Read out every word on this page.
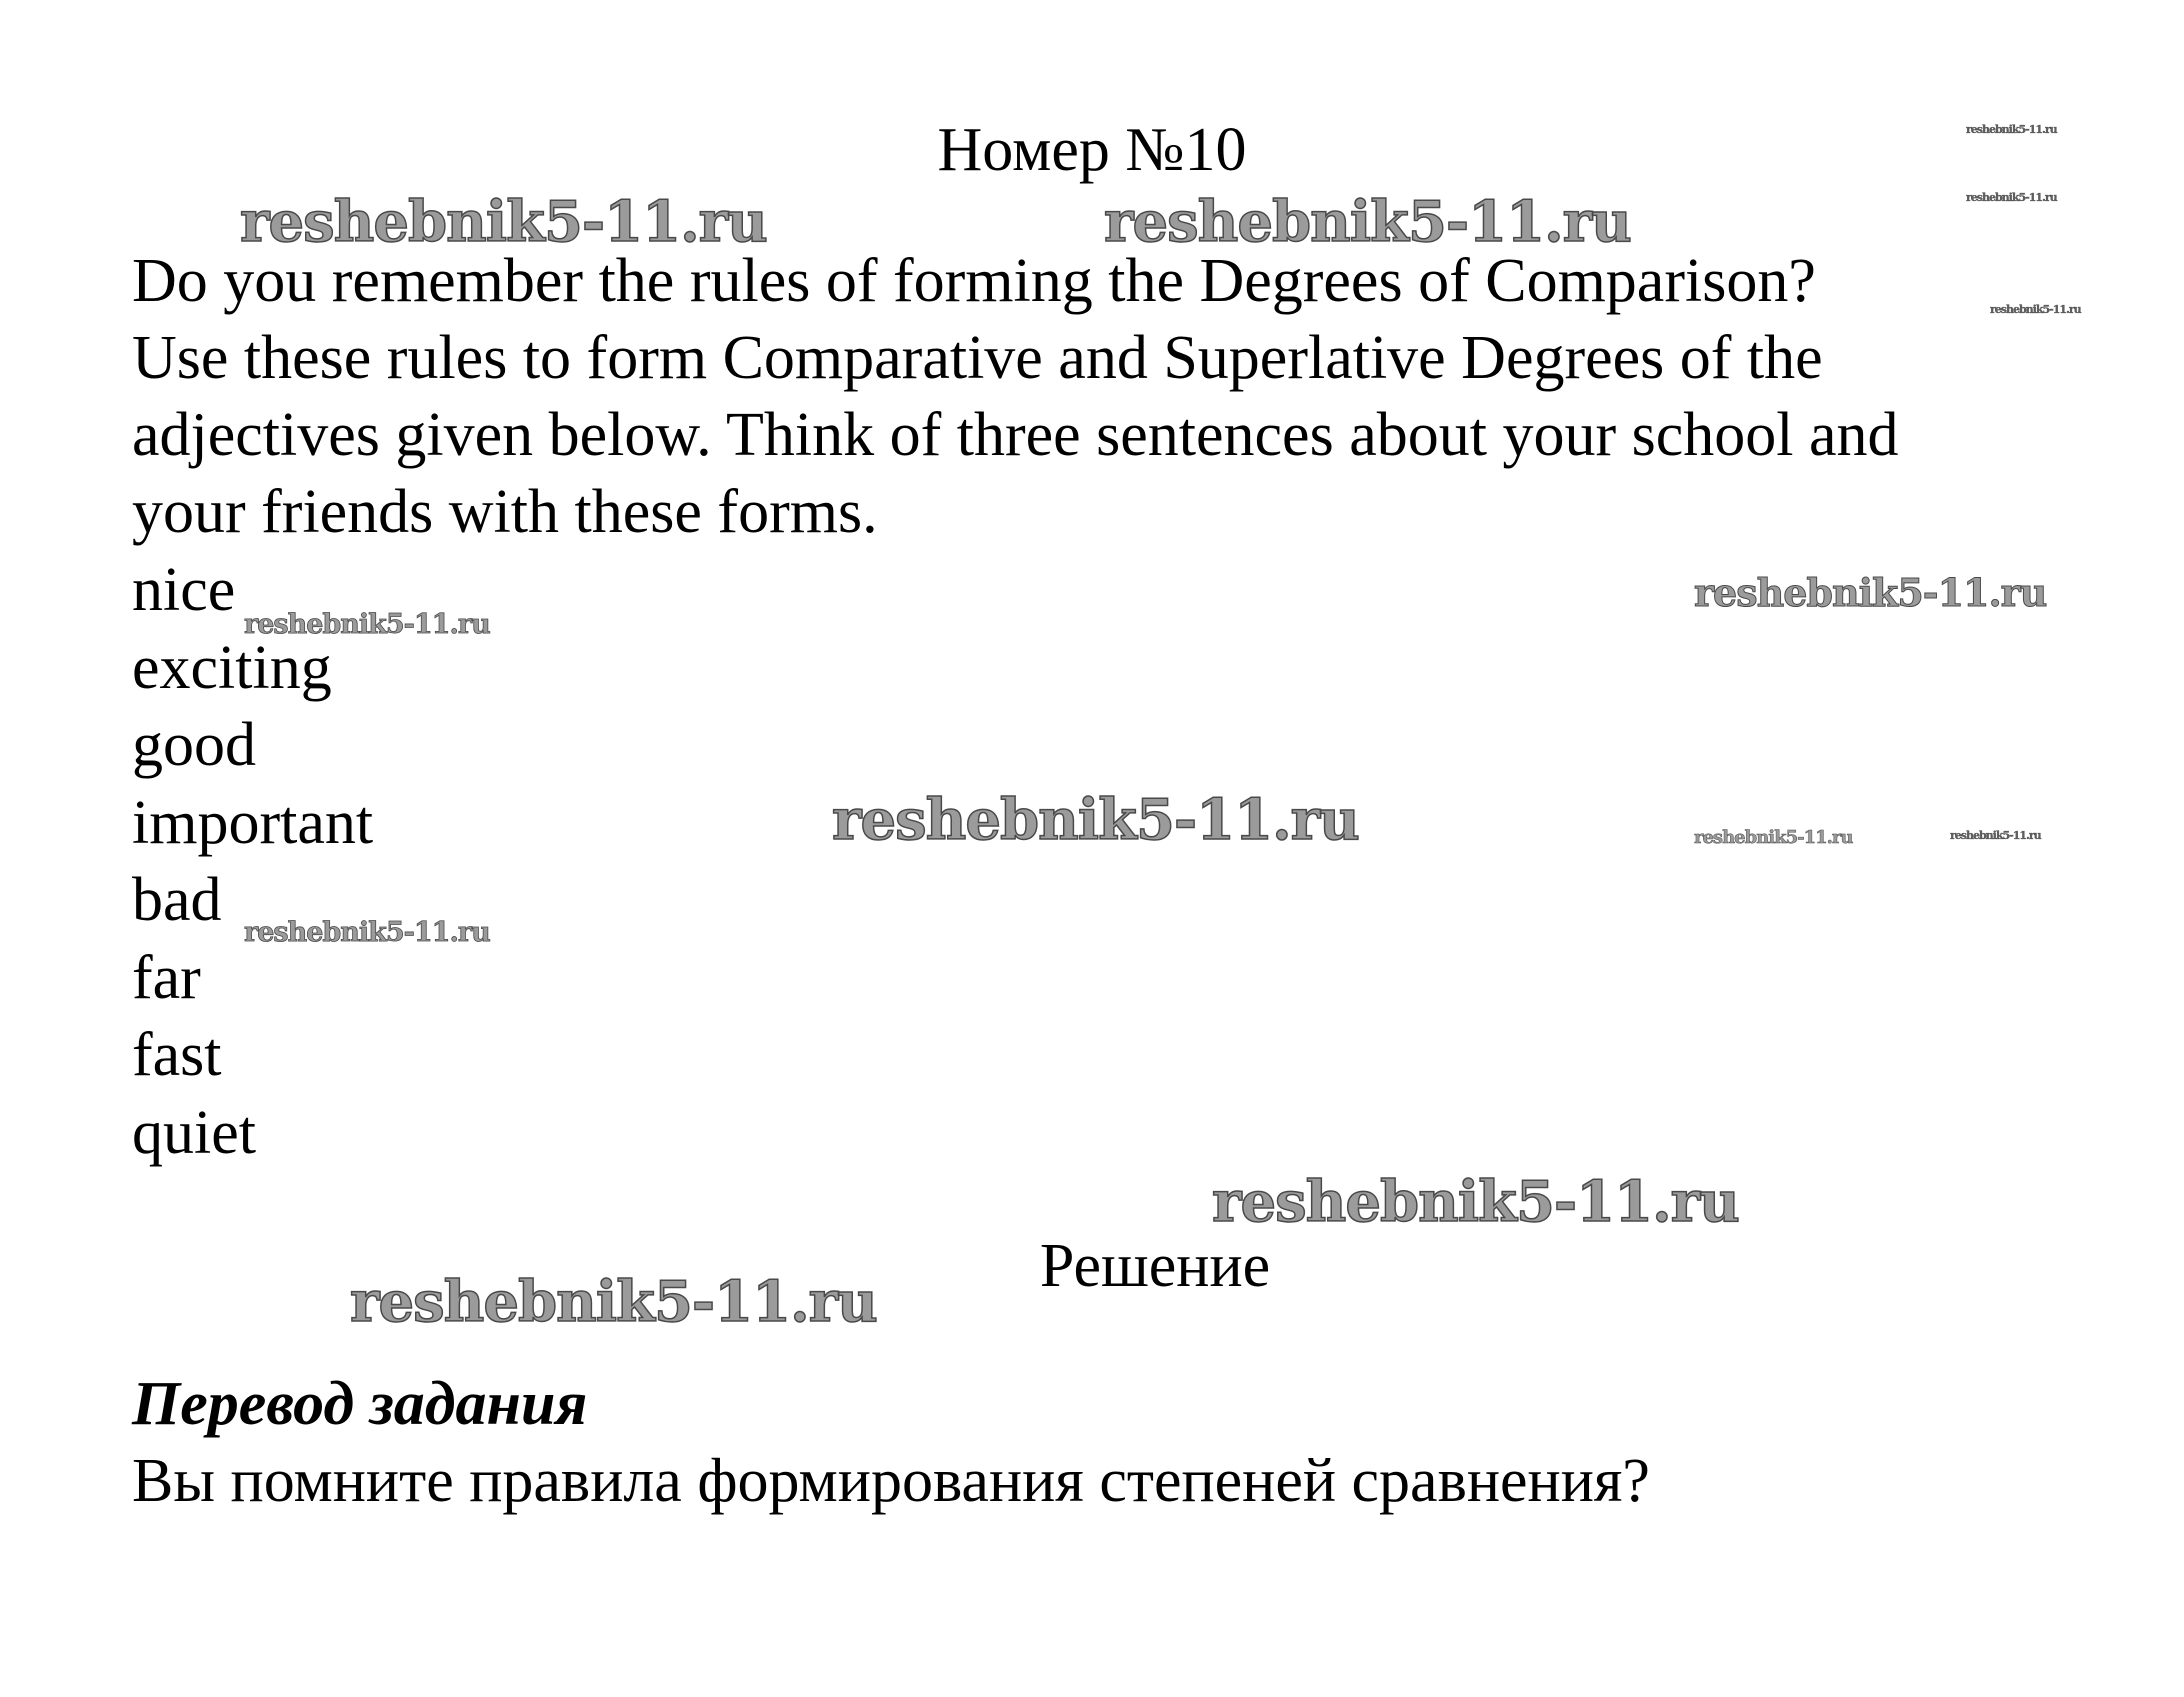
Номер №10

Do you remember the rules of forming the Degrees of Comparison?

Use these rules to form Comparative and Superlative Degrees of the

adjectives given below. Think of three sentences about your school and

your friends with these forms.

nice
exciting
good
important
bad
far
fast
quiet
Решение
Перевод задания
Вы помните правила формирования степеней сравнения?
reshebnik5-11.ru	reshebnik5-11.ru
reshebnik5-11.ru
reshebnik5-11.ru
reshebnik5-11.ru
reshebnik5-11.ru
reshebnik5-11.ru
reshebnik5-11.ru	reshebnik5-11.ru	reshebnik5-11.ru
reshebnik5-11.ru
reshebnik5-11.ru
reshebnik5-11.ru
